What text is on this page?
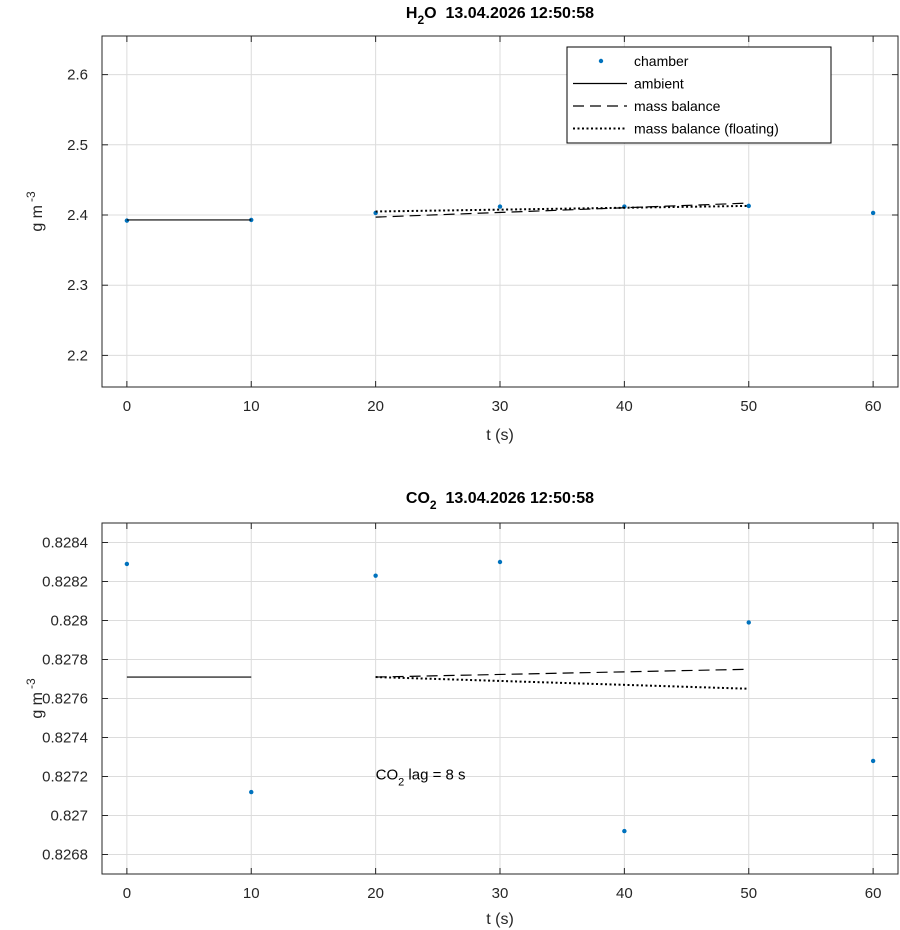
0	10	20	30	40	50	60
2.2
2.3
2.4
2.5
2.6
$H_2O$  13.04.2026 12:50:58
t (s)
g $m^{-3}$
chamber
ambient
mass balance
mass balance (floating)
0	10	20	30	40	50	60
0.8268
0.827
0.8272
0.8274
0.8276
0.8278
0.828
0.8282
0.8284
$CO_2$  13.04.2026 12:50:58
t (s)
g $m^{-3}$
$CO_2$ lag = 8 s
